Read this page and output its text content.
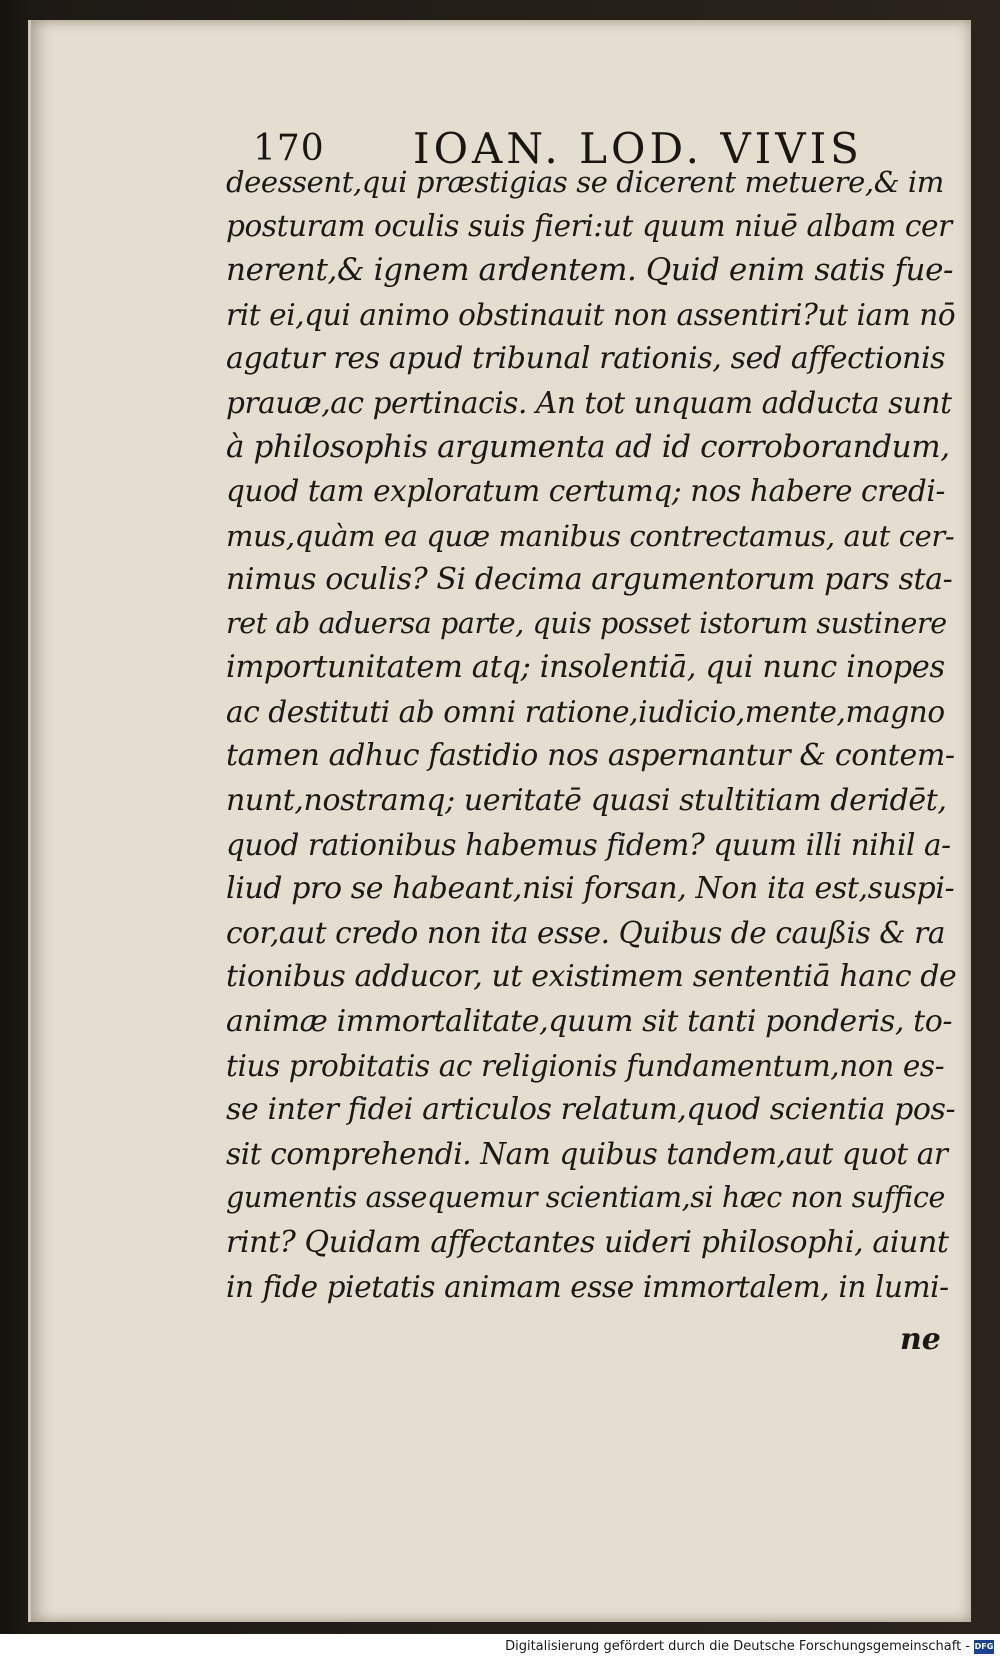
170 IOAN. LOD. VIVIS
deessent,qui præstigias se dicerent metuere,& im
posturam oculis suis fieri:ut quum niuē albam cer
nerent,& ignem ardentem. Quid enim satis fue-
rit ei,qui animo obstinauit non assentiri?ut iam nō
agatur res apud tribunal rationis, sed affectionis
prauæ,ac pertinacis. An tot unquam adducta sunt
à philosophis argumenta ad id corroborandum,
quod tam exploratum certumq; nos habere credi-
mus,quàm ea quæ manibus contrectamus, aut cer-
nimus oculis? Si decima argumentorum pars sta-
ret ab aduersa parte, quis posset istorum sustinere
importunitatem atq; insolentiā, qui nunc inopes
ac destituti ab omni ratione,iudicio,mente,magno
tamen adhuc fastidio nos aspernantur & contem-
nunt,nostramq; ueritatē quasi stultitiam deridēt,
quod rationibus habemus fidem? quum illi nihil a-
liud pro se habeant,nisi forsan, Non ita est,suspi-
cor,aut credo non ita esse. Quibus de caußis & ra
tionibus adducor, ut existimem sententiā hanc de
animæ immortalitate,quum sit tanti ponderis, to-
tius probitatis ac religionis fundamentum,non es-
se inter fidei articulos relatum,quod scientia pos-
sit comprehendi. Nam quibus tandem,aut quot ar
gumentis assequemur scientiam,si hæc non suffice
rint? Quidam affectantes uideri philosophi, aiunt
in fide pietatis animam esse immortalem, in lumi-
ne
Digitalisierung gefördert durch die Deutsche Forschungsgemeinschaft - DFG
